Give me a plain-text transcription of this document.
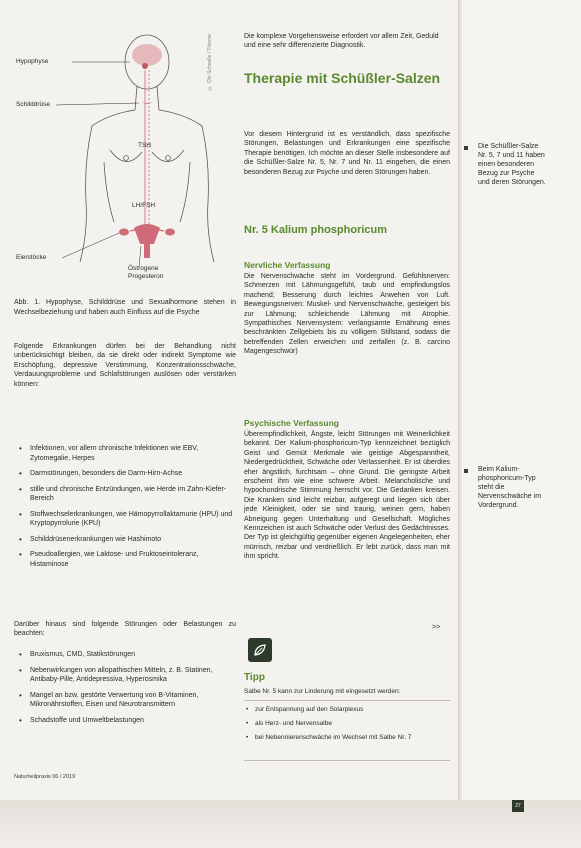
Hypophyse
Schilddrüse
Eierstöcke
TSH
LH/FSH
Östrogene
Progesteron
© Ole Schnelle / Thieme

Abb. 1. Hypophyse, Schilddrüse und Sexualhormone stehen in Wechselbeziehung und haben auch Einfluss auf die Psyche

Folgende Erkrankungen dürfen bei der Behandlung nicht unberücksichtigt bleiben, da sie direkt oder indirekt Symptome wie Erschöpfung, depressive Verstimmung, Konzentrationsschwäche, Verdauungsprobleme und Schlafstörungen auslösen oder verstärken können:

• Infektionen, vor allem chronische Infektionen wie EBV, Zytomegalie, Herpes
• Darmstörungen, besonders die Darm-Hirn-Achse
• stille und chronische Entzündungen, wie Herde im Zahn-Kiefer-Bereich
• Stoffwechselerkrankungen, wie Hämopyrrollaktamurie (HPU) und Kryptopyrrolurie (KPU)
• Schilddrüsenerkrankungen wie Hashimoto
• Pseudoallergien, wie Laktose- und Fruktoseintoleranz, Histaminose

Darüber hinaus sind folgende Störungen oder Belastungen zu beachten:

• Bruxismus, CMD, Statikstörungen
• Nebenwirkungen von allopathischen Mitteln, z. B. Statinen, Antibaby-Pille, Antidepressiva, Hyperosmika
• Mangel an bzw. gestörte Verwertung von B-Vitaminen, Mikronährstoffen, Eisen und Neurotransmittern
• Schadstoffe und Umweltbelastungen
Naturheilpraxis 06 / 2019

Die komplexe Vorgehensweise erfordert vor allem Zeit, Geduld und eine sehr differenzierte Diagnostik.

Therapie mit Schüßler-Salzen

Vor diesem Hintergrund ist es verständlich, dass spezifische Störungen, Belastungen und Erkrankungen eine spezifische Therapie benötigen. Ich möchte an dieser Stelle insbesondere auf die Schüßler-Salze Nr. 5, Nr. 7 und Nr. 11 eingehen, die einen besonderen Bezug zur Psyche und deren Störungen haben.

Nr. 5 Kalium phosphoricum
Nervliche Verfassung

Die Nervenschwäche steht im Vordergrund. Gefühlsnerven: Schmerzen mit Lähmungsgefühl, taub und empfindungslos machend; Besserung durch leichtes Anwehen von Luft. Bewegungsnerven: Muskel- und Nervenschwäche, gesteigert bis zur Lähmung; schleichende Lähmung mit Atrophie. Sympathisches Nervensystem: verlangsamte Ernährung eines beschränkten Zellgebiets bis zu völligem Stillstand, sodass die betreffenden Zellen erweichen und zerfallen (z. B. carcino Magengeschwür)

Psychische Verfassung

Überempfindlichkeit, Ängste, leicht Störungen mit Weinerlichkeit bekannt. Der Kalium-phosphoricum-Typ kennzeichnet bezüglich Geist und Gemüt Merkmale wie geistige Abgespanntheit, Niedergedrücktheit, Schwäche oder Verlassenheit. Er ist überdies eher ängstlich, furchtsam – ohne Grund. Die geringste Arbeit erscheint ihm wie eine schwere Arbeit. Melancholische und hypochondrische Stimmung herrscht vor. Die Gedanken kreisen. Die Kranken sind leicht reizbar, aufgeregt und liegen sich über jede Kleinigkeit, oder sie sind traurig, weinen gern, haben Abneigung gegen Unterhaltung und Gesellschaft. Mögliches Kennzeichen ist auch Schwäche oder Verlust des Gedächtnisses. Der Typ ist gleichgültig gegenüber eigenen Angelegenheiten, eher mürrisch, reizbar und verdrießlich. Er lebt zurück, dass man mit ihm spricht.

>>
Tipp

Salbe Nr. 5 kann zur Linderung mit eingesetzt werden:

• zur Entspannung auf den Solarplexus
• als Herz- und Nervensalbe
• bei Nebennierenschwäche im Wechsel mit Salbe Nr. 7

Die Schüßler-Salze Nr. 5, 7 und 11 haben einen besonderen Bezug zur Psyche und deren Störungen.

Beim Kalium-phosphoricum-Typ steht die Nervenschwäche im Vordergrund.

27
